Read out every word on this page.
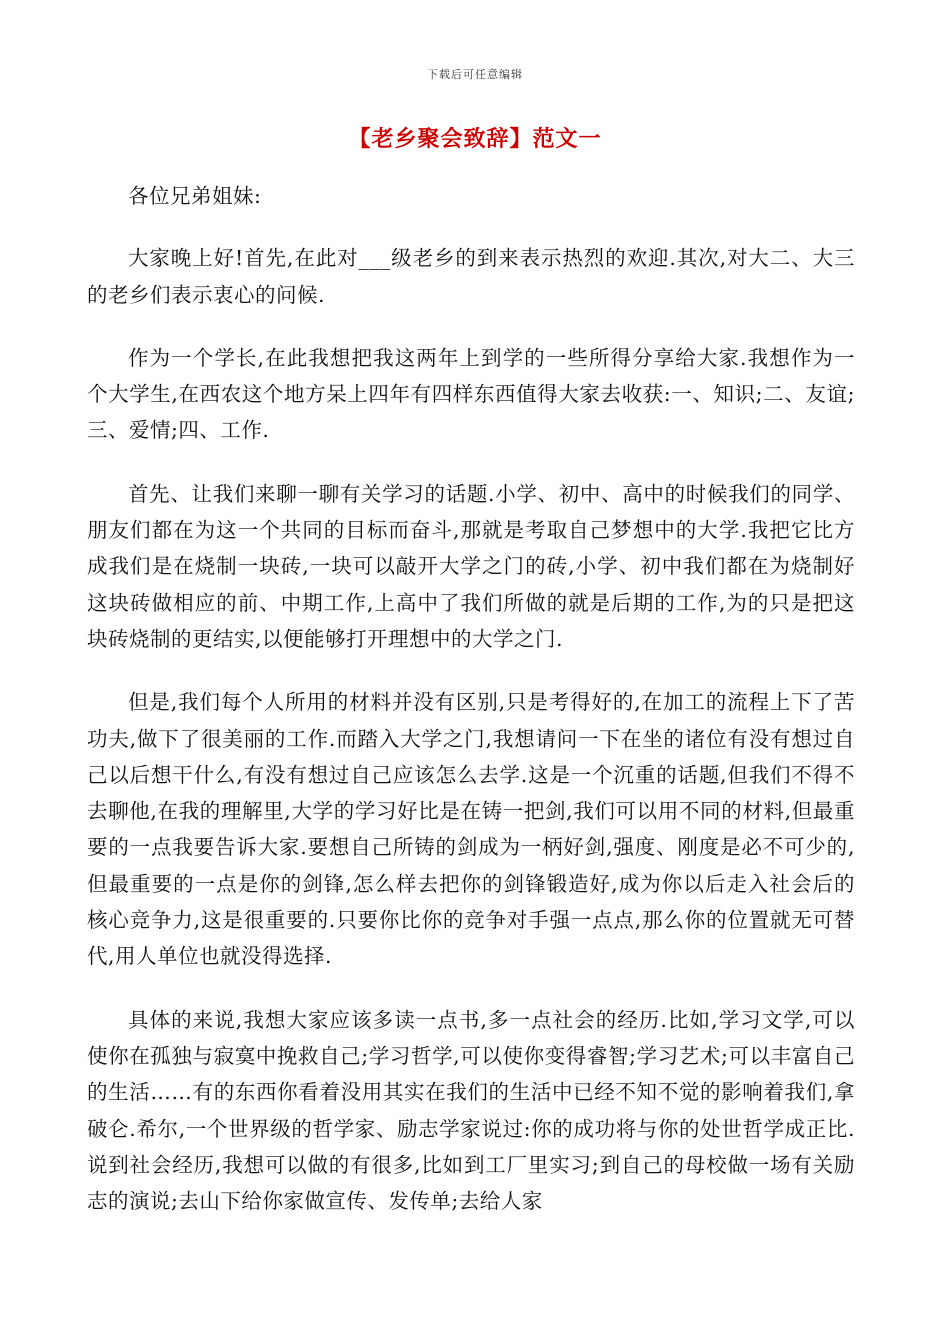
下载后可任意编辑
【老乡聚会致辞】范文一

各位兄弟姐妹:

大家晚上好!首先,在此对___级老乡的到来表示热烈的欢迎.其次,对大二、大三的老乡们表示衷心的问候.

作为一个学长,在此我想把我这两年上到学的一些所得分享给大家.我想作为一个大学生,在西农这个地方呆上四年有四样东西值得大家去收获:一、知识;二、友谊;三、爱情;四、工作.

首先、让我们来聊一聊有关学习的话题.小学、初中、高中的时候我们的同学、朋友们都在为这一个共同的目标而奋斗,那就是考取自己梦想中的大学.我把它比方成我们是在烧制一块砖,一块可以敲开大学之门的砖,小学、初中我们都在为烧制好这块砖做相应的前、中期工作,上高中了我们所做的就是后期的工作,为的只是把这块砖烧制的更结实,以便能够打开理想中的大学之门.

但是,我们每个人所用的材料并没有区别,只是考得好的,在加工的流程上下了苦功夫,做下了很美丽的工作.而踏入大学之门,我想请问一下在坐的诸位有没有想过自己以后想干什么,有没有想过自己应该怎么去学.这是一个沉重的话题,但我们不得不去聊他,在我的理解里,大学的学习好比是在铸一把剑,我们可以用不同的材料,但最重要的一点我要告诉大家.要想自己所铸的剑成为一柄好剑,强度、刚度是必不可少的,但最重要的一点是你的剑锋,怎么样去把你的剑锋锻造好,成为你以后走入社会后的核心竞争力,这是很重要的.只要你比你的竞争对手强一点点,那么你的位置就无可替代,用人单位也就没得选择.

具体的来说,我想大家应该多读一点书,多一点社会的经历.比如,学习文学,可以使你在孤独与寂寞中挽救自己;学习哲学,可以使你变得睿智;学习艺术;可以丰富自己的生活……有的东西你看着没用其实在我们的生活中已经不知不觉的影响着我们,拿破仑.希尔,一个世界级的哲学家、励志学家说过:你的成功将与你的处世哲学成正比.说到社会经历,我想可以做的有很多,比如到工厂里实习;到自己的母校做一场有关励志的演说;去山下给你家做宣传、发传单;去给人家
